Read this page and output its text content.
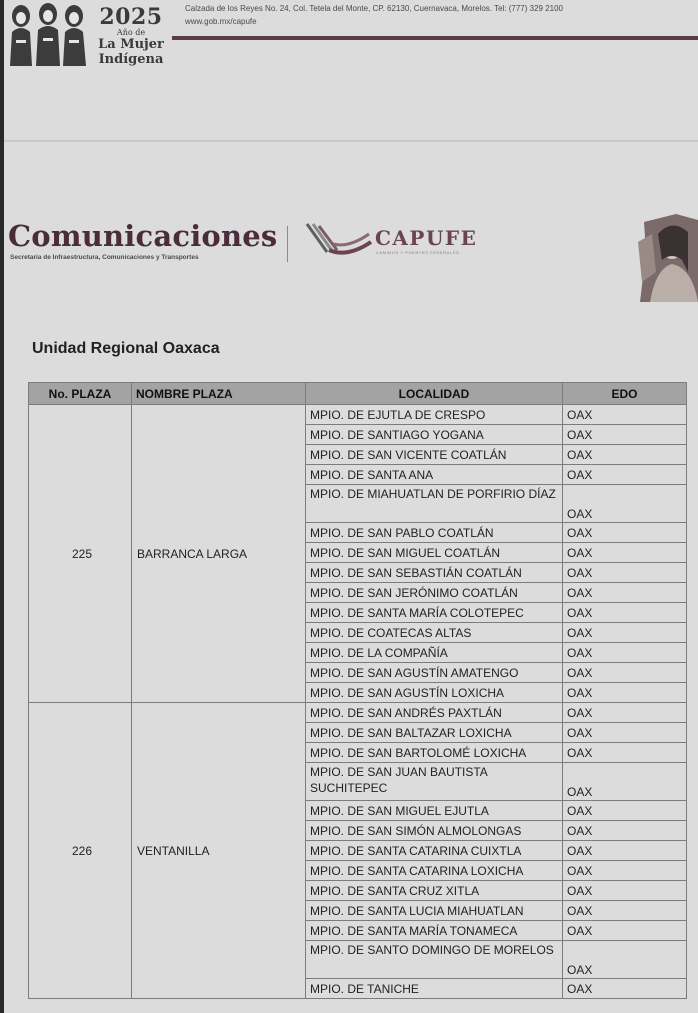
2025
Año de
La Mujer
Indígena
Calzada de los Reyes No. 24, Col. Tetela del Monte, CP. 62130, Cuernavaca, Morelos. Tel: (777) 329 2100
www.gob.mx/capufe
Comunicaciones
Secretaría de Infraestructura, Comunicaciones y Transportes
CAPUFE
CAMINOS Y PUENTES FEDERALES
Unidad Regional Oaxaca
No. PLAZA	NOMBRE PLAZA	LOCALIDAD	EDO
225	BARRANCA LARGA	MPIO. DE EJUTLA DE CRESPO	OAX
		MPIO. DE SANTIAGO YOGANA	OAX
		MPIO. DE SAN VICENTE COATLÁN	OAX
		MPIO. DE SANTA ANA	OAX
		MPIO. DE MIAHUATLAN DE PORFIRIO DÍAZ	OAX
		MPIO. DE SAN PABLO COATLÁN	OAX
		MPIO. DE SAN MIGUEL COATLÁN	OAX
		MPIO. DE SAN SEBASTIÁN COATLÁN	OAX
		MPIO. DE SAN JERÓNIMO COATLÁN	OAX
		MPIO. DE SANTA MARÍA COLOTEPEC	OAX
		MPIO. DE COATECAS ALTAS	OAX
		MPIO. DE LA COMPAÑÍA	OAX
		MPIO. DE SAN AGUSTÍN AMATENGO	OAX
		MPIO. DE SAN AGUSTÍN LOXICHA	OAX
226	VENTANILLA	MPIO. DE SAN ANDRÉS PAXTLÁN	OAX
		MPIO. DE SAN BALTAZAR LOXICHA	OAX
		MPIO. DE SAN BARTOLOMÉ LOXICHA	OAX
		MPIO. DE SAN JUAN BAUTISTA SUCHITEPEC	OAX
		MPIO. DE SAN MIGUEL EJUTLA	OAX
		MPIO. DE SAN SIMÓN ALMOLONGAS	OAX
		MPIO. DE SANTA CATARINA CUIXTLA	OAX
		MPIO. DE SANTA CATARINA LOXICHA	OAX
		MPIO. DE SANTA CRUZ XITLA	OAX
		MPIO. DE SANTA LUCIA MIAHUATLAN	OAX
		MPIO. DE SANTA MARÍA TONAMECA	OAX
		MPIO. DE SANTO DOMINGO DE MORELOS	OAX
		MPIO. DE TANICHE	OAX
